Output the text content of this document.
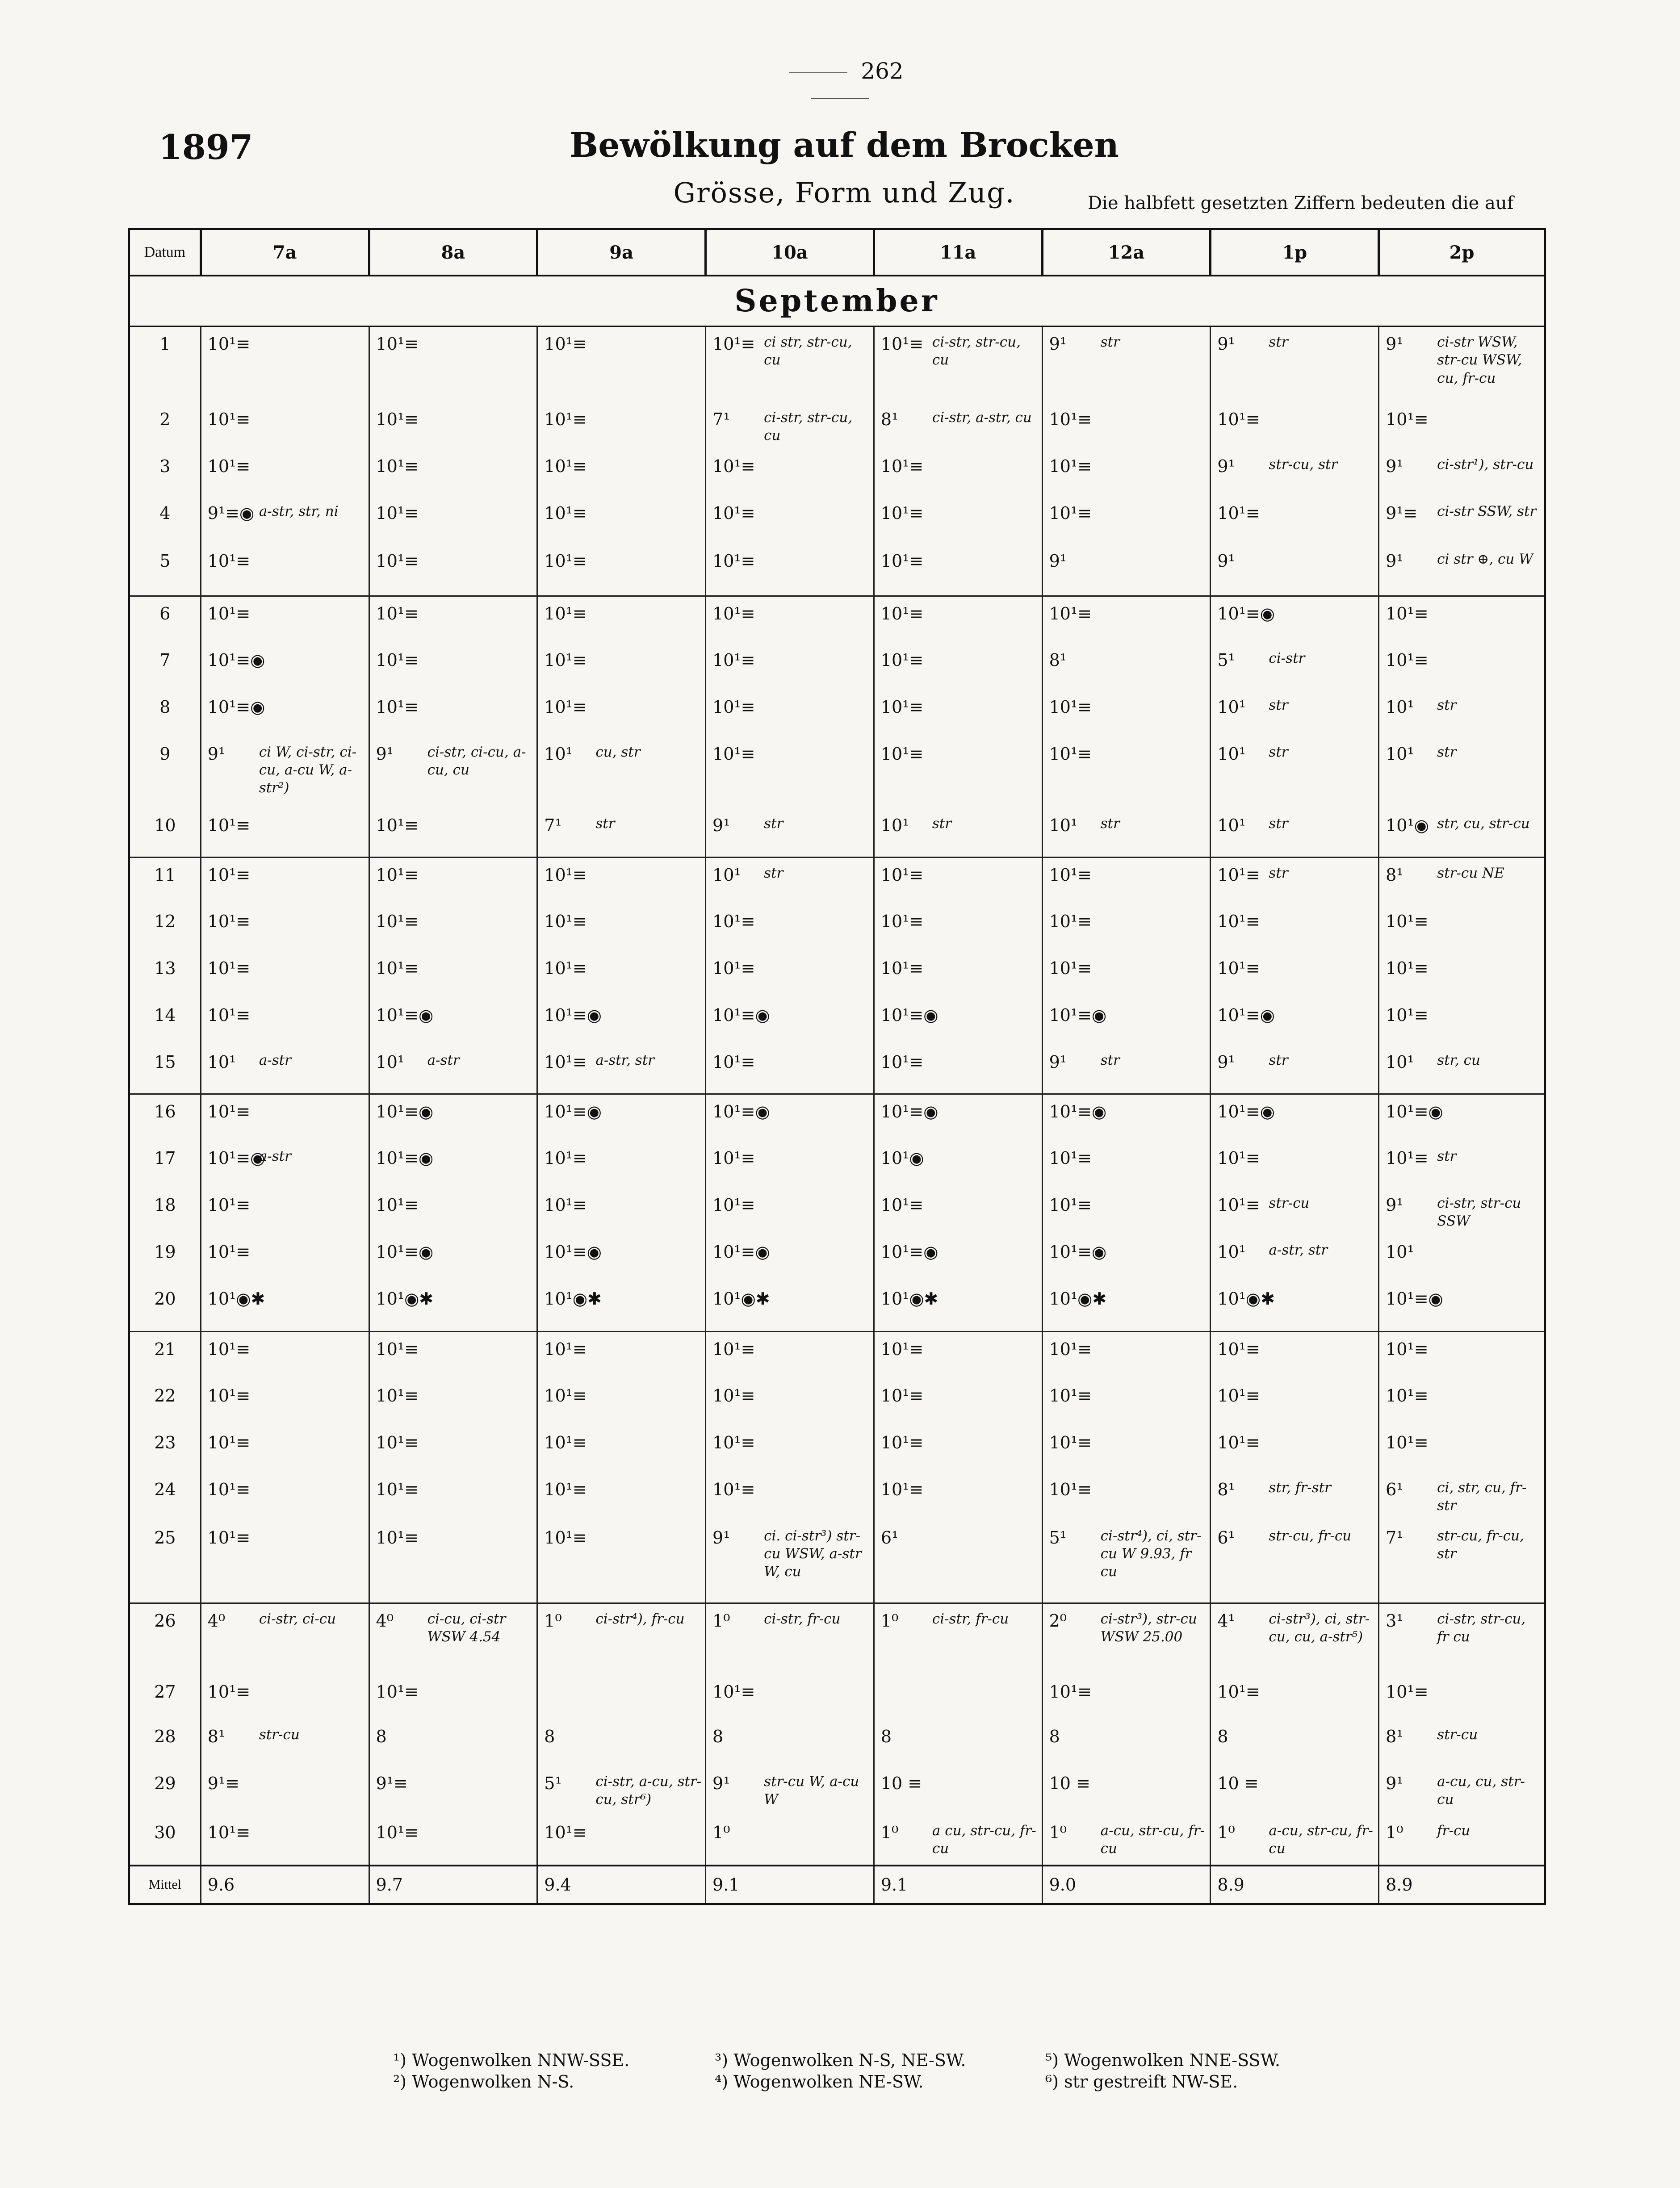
262
1897	Bewölkung auf dem Brocken
Grösse, Form und Zug.	Die halbfett gesetzten Ziffern bedeuten die auf
Datum	7a		8a		9a		10a		11a		12a		1p		2p	
September																
1	10¹≡		10¹≡		10¹≡		10¹≡	ci str, str-cu, cu	10¹≡	ci-str, str-cu, cu	9¹	str	9¹	str	9¹	ci-str WSW, str-cu WSW, cu, fr-cu
2	10¹≡		10¹≡		10¹≡		7¹	ci-str, str-cu, cu	8¹	ci-str, a-str, cu	10¹≡		10¹≡		10¹≡	
3	10¹≡		10¹≡		10¹≡		10¹≡		10¹≡		10¹≡		9¹	str-cu, str	9¹	ci-str¹), str-cu
4	9¹≡◉	a-str, str, ni	10¹≡		10¹≡		10¹≡		10¹≡		10¹≡		10¹≡		9¹≡	ci-str SSW, str
5	10¹≡		10¹≡		10¹≡		10¹≡		10¹≡		9¹		9¹		9¹	ci str ⊕, cu W
6	10¹≡		10¹≡		10¹≡		10¹≡		10¹≡		10¹≡		10¹≡◉		10¹≡	
7	10¹≡◉		10¹≡		10¹≡		10¹≡		10¹≡		8¹		5¹	ci-str	10¹≡	
8	10¹≡◉		10¹≡		10¹≡		10¹≡		10¹≡		10¹≡		10¹	str	10¹	str
9	9¹	ci W, ci-str, ci-cu, a-cu W, a-str²)	9¹	ci-str, ci-cu, a-cu, cu	10¹	cu, str	10¹≡		10¹≡		10¹≡		10¹	str	10¹	str
10	10¹≡		10¹≡		7¹	str	9¹	str	10¹	str	10¹	str	10¹	str	10¹◉	str, cu, str-cu
11	10¹≡		10¹≡		10¹≡		10¹	str	10¹≡		10¹≡		10¹≡	str	8¹	str-cu NE
12	10¹≡		10¹≡		10¹≡		10¹≡		10¹≡		10¹≡		10¹≡		10¹≡	
13	10¹≡		10¹≡		10¹≡		10¹≡		10¹≡		10¹≡		10¹≡		10¹≡	
14	10¹≡		10¹≡◉		10¹≡◉		10¹≡◉		10¹≡◉		10¹≡◉		10¹≡◉		10¹≡	
15	10¹	a-str	10¹	a-str	10¹≡	a-str, str	10¹≡		10¹≡		9¹	str	9¹	str	10¹	str, cu
16	10¹≡		10¹≡◉		10¹≡◉		10¹≡◉		10¹≡◉		10¹≡◉		10¹≡◉		10¹≡◉	
17	10¹≡◉	a-str	10¹≡◉		10¹≡		10¹≡		10¹◉		10¹≡		10¹≡		10¹≡	str
18	10¹≡		10¹≡		10¹≡		10¹≡		10¹≡		10¹≡		10¹≡	str-cu	9¹	ci-str, str-cu SSW
19	10¹≡		10¹≡◉		10¹≡◉		10¹≡◉		10¹≡◉		10¹≡◉		10¹	a-str, str	10¹	
20	10¹◉✱		10¹◉✱		10¹◉✱		10¹◉✱		10¹◉✱		10¹◉✱		10¹◉✱		10¹≡◉	
21	10¹≡		10¹≡		10¹≡		10¹≡		10¹≡		10¹≡		10¹≡		10¹≡	
22	10¹≡		10¹≡		10¹≡		10¹≡		10¹≡		10¹≡		10¹≡		10¹≡	
23	10¹≡		10¹≡		10¹≡		10¹≡		10¹≡		10¹≡		10¹≡		10¹≡	
24	10¹≡		10¹≡		10¹≡		10¹≡		10¹≡		10¹≡		8¹	str, fr-str	6¹	ci, str, cu, fr-str
25	10¹≡		10¹≡		10¹≡		9¹	ci. ci-str³) str-cu WSW, a-str W, cu	6¹		5¹	ci-str⁴), ci, str-cu W 9.93, fr cu	6¹	str-cu, fr-cu	7¹	str-cu, fr-cu, str
26	4⁰	ci-str, ci-cu	4⁰	ci-cu, ci-str WSW 4.54	1⁰	ci-str⁴), fr-cu	1⁰	ci-str, fr-cu	1⁰	ci-str, fr-cu	2⁰	ci-str³), str-cu WSW 25.00	4¹	ci-str³), ci, str-cu, cu, a-str⁵)	3¹	ci-str, str-cu, fr cu
27	10¹≡		10¹≡				10¹≡				10¹≡		10¹≡		10¹≡	
28	8¹	str-cu	8		8		8		8		8		8		8¹	str-cu
29	9¹≡		9¹≡		5¹	ci-str, a-cu, str-cu, str⁶)	9¹	str-cu W, a-cu W	10 ≡		10 ≡		10 ≡		9¹	a-cu, cu, str-cu
30	10¹≡		10¹≡		10¹≡		1⁰		1⁰	a cu, str-cu, fr-cu	1⁰	a-cu, str-cu, fr-cu	1⁰	a-cu, str-cu, fr-cu	1⁰	fr-cu
Mittel	9.6		9.7		9.4		9.1		9.1		9.0		8.9		8.9	
¹) Wogenwolken NNW-SSE.
²) Wogenwolken N-S.
³) Wogenwolken N-S, NE-SW.
⁴) Wogenwolken NE-SW.
⁵) Wogenwolken NNE-SSW.
⁶) str gestreift NW-SE.
